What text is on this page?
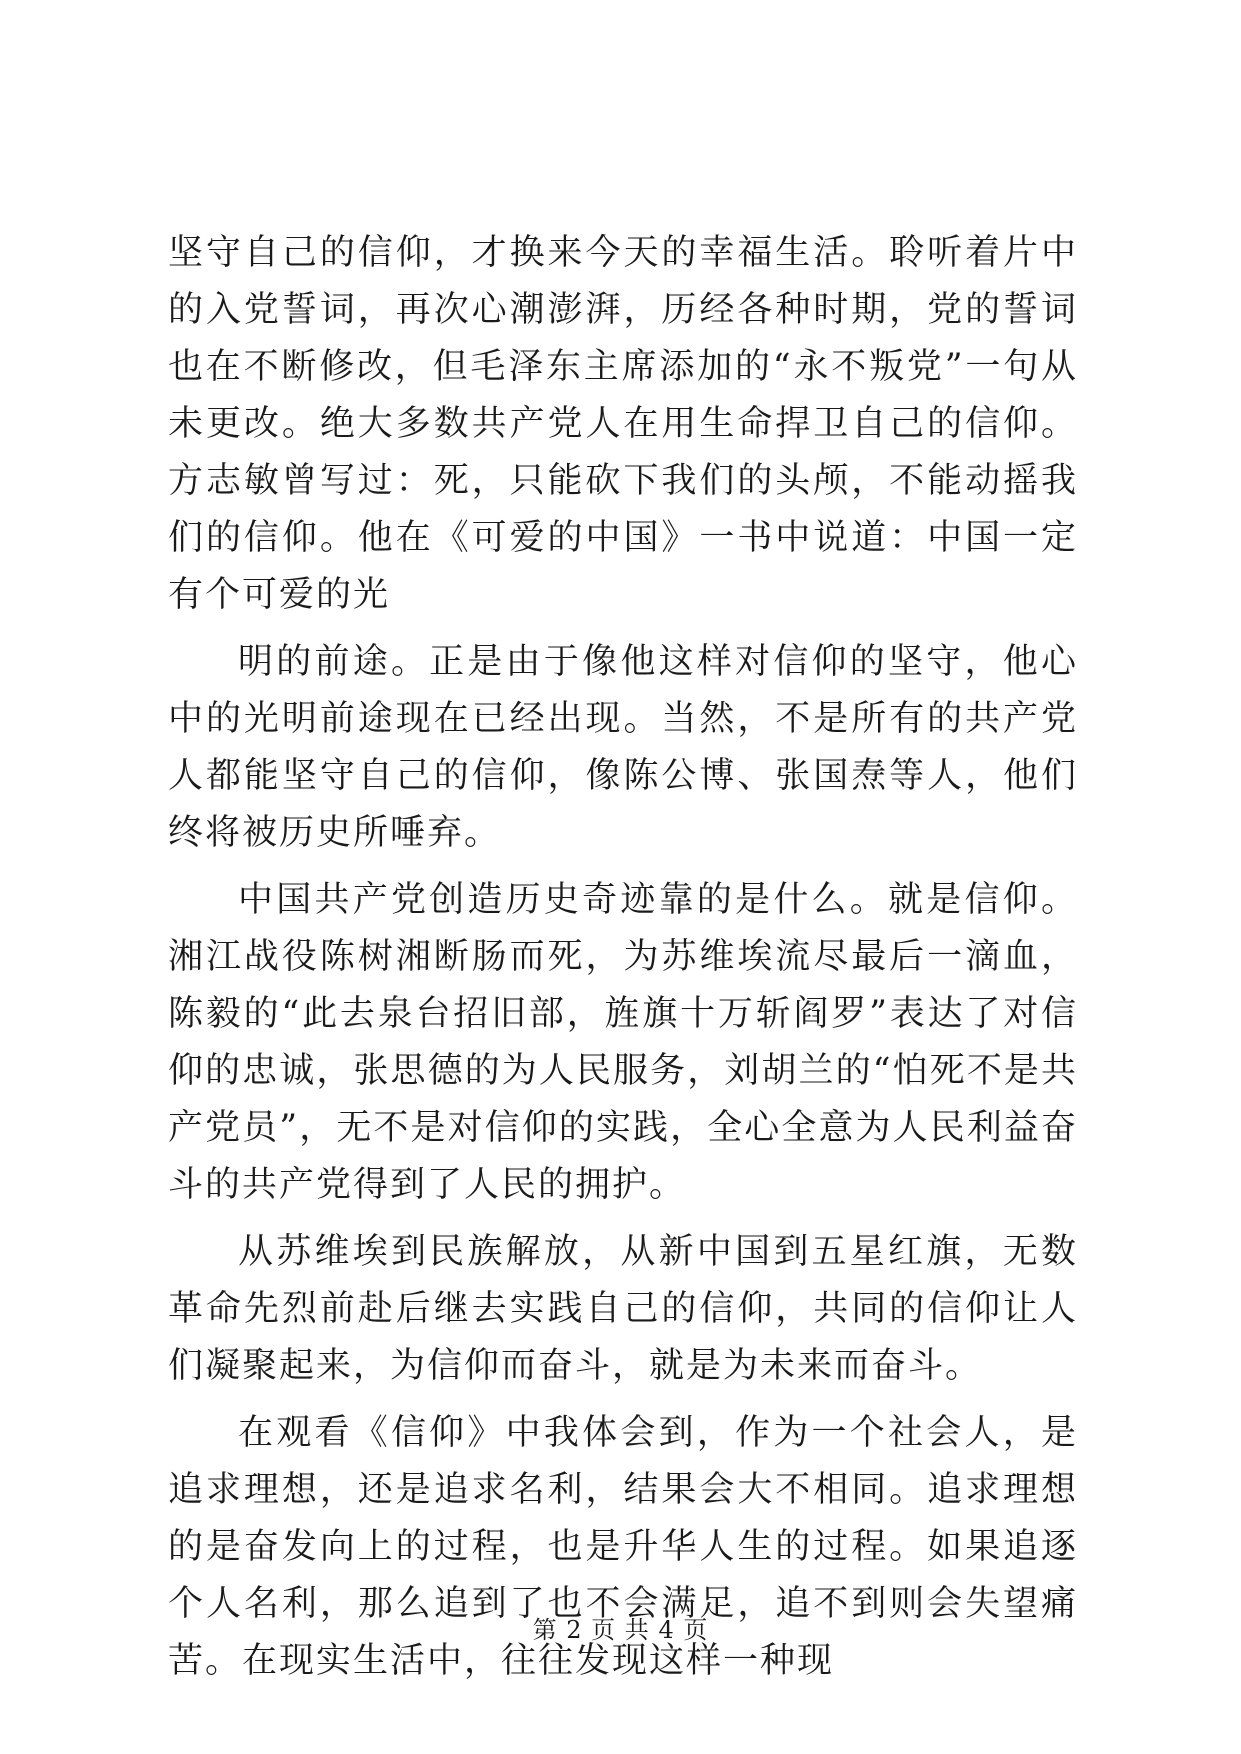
坚守自己的信仰，才换来今天的幸福生活。聆听着片中的入党誓词，再次心潮澎湃，历经各种时期，党的誓词也在不断修改，但毛泽东主席添加的“永不叛党”一句从未更改。绝大多数共产党人在用生命捍卫自己的信仰。方志敏曾写过：死，只能砍下我们的头颅，不能动摇我们的信仰。他在《可爱的中国》一书中说道：中国一定有个可爱的光

明的前途。正是由于像他这样对信仰的坚守，他心中的光明前途现在已经出现。当然，不是所有的共产党人都能坚守自己的信仰，像陈公博、张国焘等人，他们终将被历史所唾弃。

中国共产党创造历史奇迹靠的是什么。就是信仰。湘江战役陈树湘断肠而死，为苏维埃流尽最后一滴血，陈毅的“此去泉台招旧部，旌旗十万斩阎罗”表达了对信仰的忠诚，张思德的为人民服务，刘胡兰的“怕死不是共产党员”，无不是对信仰的实践，全心全意为人民利益奋斗的共产党得到了人民的拥护。

从苏维埃到民族解放，从新中国到五星红旗，无数革命先烈前赴后继去实践自己的信仰，共同的信仰让人们凝聚起来，为信仰而奋斗，就是为未来而奋斗。

在观看《信仰》中我体会到，作为一个社会人，是追求理想，还是追求名利，结果会大不相同。追求理想的是奋发向上的过程，也是升华人生的过程。如果追逐个人名利，那么追到了也不会满足，追不到则会失望痛苦。在现实生活中，往往发现这样一种现

第 2 页 共 4 页
